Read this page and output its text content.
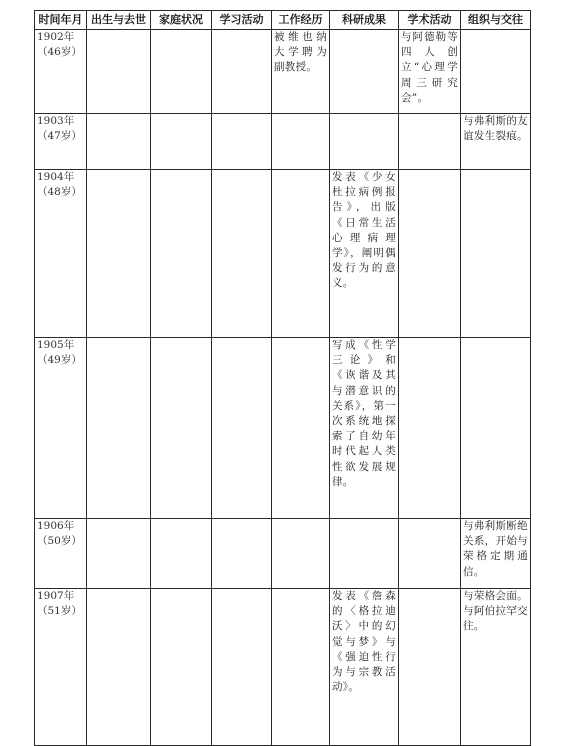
时间年月	出生与去世	家庭状况	学习活动	工作经历	科研成果	学术活动	组织与交往

1902年
（46岁）				被维也纳大学聘为副教授。		与阿德勒等四人创立“心理学周三研究会”。	

1903年
（47岁）							与弗利斯的友谊发生裂痕。

1904年
（48岁）					发表《少女杜拉病例报告》，出版《日常生活心理病理学》，阐明偶发行为的意义。		

1905年
（49岁）					写成《性学三论》和《诙谐及其与潜意识的关系》，第一次系统地探索了自幼年时代起人类性欲发展规律。		

1906年
（50岁）							与弗利斯断绝关系，开始与荣格定期通信。

1907年
（51岁）					发表《詹森的〈格拉迪沃〉中的幻觉与梦》与《强迫性行为与宗教活动》。		与荣格会面。与阿伯拉罕交往。
